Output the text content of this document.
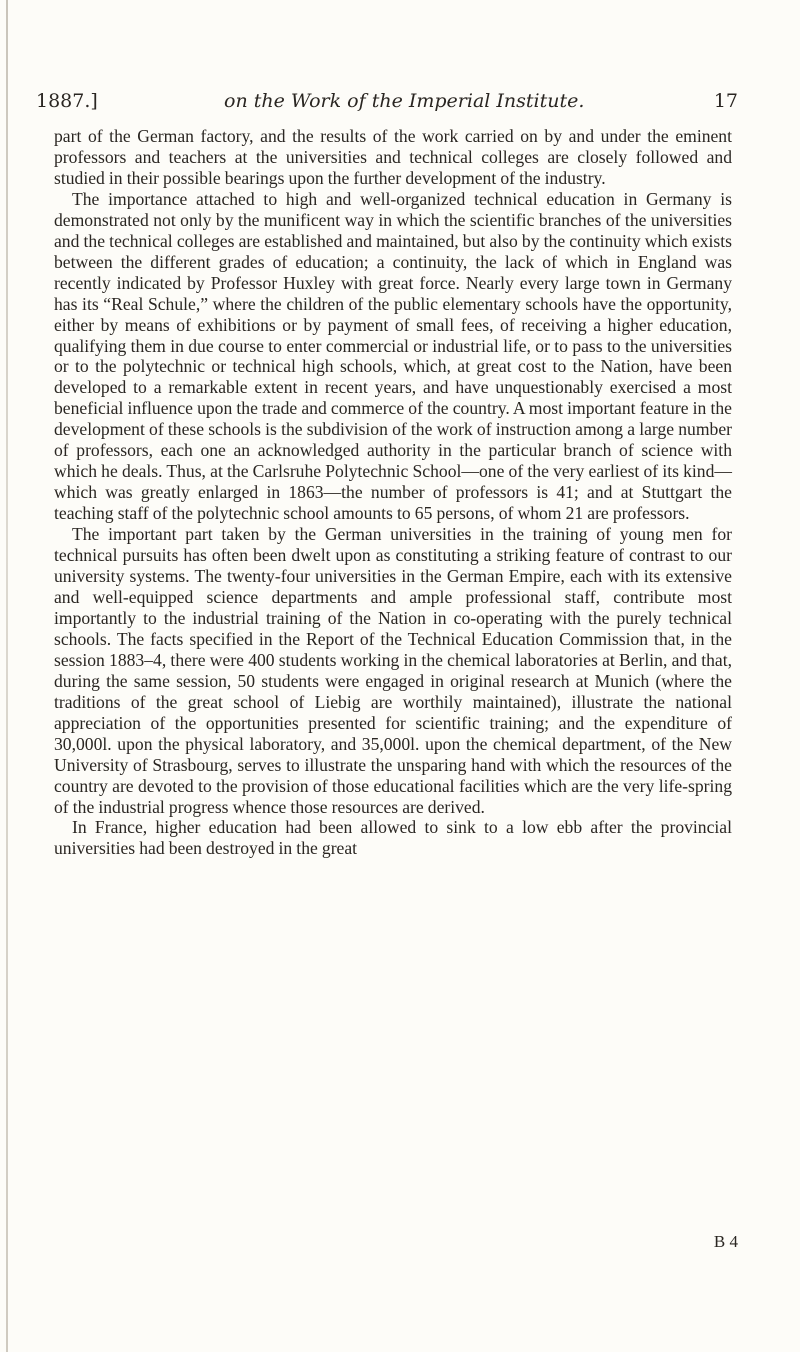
1887.]	on the Work of the Imperial Institute.	17

part of the German factory, and the results of the work carried on by and under the eminent professors and teachers at the universities and technical colleges are closely followed and studied in their possible bearings upon the further development of the industry.

The importance attached to high and well-organized technical education in Germany is demonstrated not only by the munificent way in which the scientific branches of the universities and the technical colleges are established and maintained, but also by the continuity which exists between the different grades of education; a continuity, the lack of which in England was recently indicated by Professor Huxley with great force. Nearly every large town in Germany has its “Real Schule,” where the children of the public elementary schools have the opportunity, either by means of exhibitions or by payment of small fees, of receiving a higher education, qualifying them in due course to enter commercial or industrial life, or to pass to the universities or to the polytechnic or technical high schools, which, at great cost to the Nation, have been developed to a remarkable extent in recent years, and have unquestionably exercised a most beneficial influence upon the trade and commerce of the country. A most important feature in the development of these schools is the subdivision of the work of instruction among a large number of professors, each one an acknowledged authority in the particular branch of science with which he deals. Thus, at the Carlsruhe Polytechnic School—one of the very earliest of its kind—which was greatly enlarged in 1863—the number of professors is 41; and at Stuttgart the teaching staff of the polytechnic school amounts to 65 persons, of whom 21 are professors.

The important part taken by the German universities in the training of young men for technical pursuits has often been dwelt upon as constituting a striking feature of contrast to our university systems. The twenty-four universities in the German Empire, each with its extensive and well-equipped science departments and ample professional staff, contribute most importantly to the industrial training of the Nation in co-operating with the purely technical schools. The facts specified in the Report of the Technical Education Commission that, in the session 1883–4, there were 400 students working in the chemical laboratories at Berlin, and that, during the same session, 50 students were engaged in original research at Munich (where the traditions of the great school of Liebig are worthily maintained), illustrate the national appreciation of the opportunities presented for scientific training; and the expenditure of 30,000l. upon the physical laboratory, and 35,000l. upon the chemical department, of the New University of Strasbourg, serves to illustrate the unsparing hand with which the resources of the country are devoted to the provision of those educational facilities which are the very life-spring of the industrial progress whence those resources are derived.

In France, higher education had been allowed to sink to a low ebb after the provincial universities had been destroyed in the great

B 4
